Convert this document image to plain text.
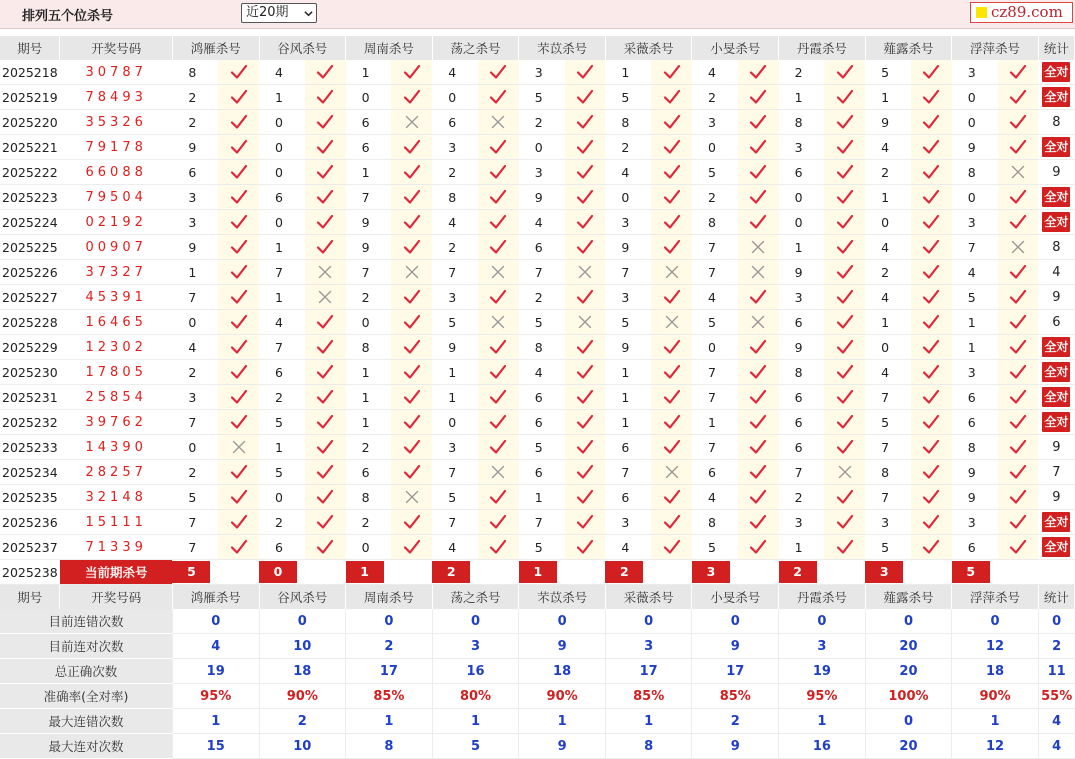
排列五个位杀号	近20期	cz89.com
期号	开奖号码	鸿雁杀号		谷风杀号		周南杀号		荡之杀号		芣苡杀号		采薇杀号		小旻杀号		丹霞杀号		薤露杀号		浮萍杀号		统计
2025218	30787	8		4		1		4		3		1		4		2		5		3		全对
2025219	78493	2		1		0		0		5		5		2		1		1		0		全对
2025220	35326	2		0		6		6		2		8		3		8		9		0		8
2025221	79178	9		0		6		3		0		2		0		3		4		9		全对
2025222	66088	6		0		1		2		3		4		5		6		2		8		9
2025223	79504	3		6		7		8		9		0		2		0		1		0		全对
2025224	02192	3		0		9		4		4		3		8		0		0		3		全对
2025225	00907	9		1		9		2		6		9		7		1		4		7		8
2025226	37327	1		7		7		7		7		7		7		9		2		4		4
2025227	45391	7		1		2		3		2		3		4		3		4		5		9
2025228	16465	0		4		0		5		5		5		5		6		1		1		6
2025229	12302	4		7		8		9		8		9		0		9		0		1		全对
2025230	17805	2		6		1		1		4		1		7		8		4		3		全对
2025231	25854	3		2		1		1		6		1		7		6		7		6		全对
2025232	39762	7		5		1		0		6		1		1		6		5		6		全对
2025233	14390	0		1		2		3		5		6		7		6		7		8		9
2025234	28257	2		5		6		7		6		7		6		7		8		9		7
2025235	32148	5		0		8		5		1		6		4		2		7		9		9
2025236	15111	7		2		2		7		7		3		8		3		3		3		全对
2025237	71339	7		6		0		4		5		4		5		1		5		6		全对
2025238	当前期杀号	5		0		1		2		1		2		3		2		3		5		
期号	开奖号码	鸿雁杀号		谷风杀号		周南杀号		荡之杀号		芣苡杀号		采薇杀号		小旻杀号		丹霞杀号		薤露杀号		浮萍杀号		统计
目前连错次数		0		0		0		0		0		0		0		0		0		0		0
目前连对次数		4		10		2		3		9		3		9		3		20		12		2
总正确次数		19		18		17		16		18		17		17		19		20		18		11
准确率(全对率)		95%		90%		85%		80%		90%		85%		85%		95%		100%		90%		55%
最大连错次数		1		2		1		1		1		1		2		1		0		1		4
最大连对次数		15		10		8		5		9		8		9		16		20		12		4
